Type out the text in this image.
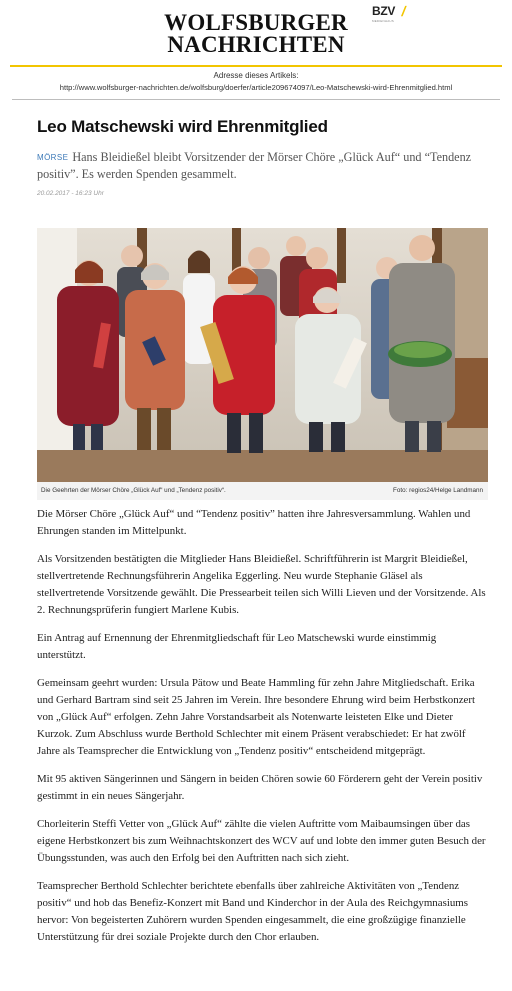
WOLFSBURGER
NACHRICHTEN
BZV /
MEDIENHAUS
Adresse dieses Artikels:
http://www.wolfsburger-nachrichten.de/wolfsburg/doerfer/article209674097/Leo-Matschewski-wird-Ehrenmitglied.html
Leo Matschewski wird Ehrenmitglied
MÖRSE Hans Bleidießel bleibt Vorsitzender der Mörser Chöre „Glück Auf“ und “Tendenz positiv”. Es werden Spenden gesammelt.
20.02.2017 - 16:23 Uhr
Die Geehrten der Mörser Chöre „Glück Auf“ und „Tendenz positiv“.	Foto: regios24/Helge Landmann

Die Mörser Chöre „Glück Auf“ und “Tendenz positiv” hatten ihre Jahresversammlung. Wahlen und Ehrungen standen im Mittelpunkt.

Als Vorsitzenden bestätigten die Mitglieder Hans Bleidießel. Schriftführerin ist Margrit Bleidießel, stellvertretende Rechnungsführerin Angelika Eggerling. Neu wurde Stephanie Gläsel als stellvertretende Vorsitzende gewählt. Die Pressearbeit teilen sich Willi Lieven und der Vorsitzende. Als 2. Rechnungsprüferin fungiert Marlene Kubis.

Ein Antrag auf Ernennung der Ehrenmitgliedschaft für Leo Matschewski wurde einstimmig unterstützt.

Gemeinsam geehrt wurden: Ursula Pätow und Beate Hammling für zehn Jahre Mitgliedschaft. Erika und Gerhard Bartram sind seit 25 Jahren im Verein. Ihre besondere Ehrung wird beim Herbstkonzert von „Glück Auf“ erfolgen. Zehn Jahre Vorstandsarbeit als Notenwarte leisteten Elke und Dieter Kurzok. Zum Abschluss wurde Berthold Schlechter mit einem Präsent verabschiedet: Er hat zwölf Jahre als Teamsprecher die Entwicklung von „Tendenz positiv“ entscheidend mitgeprägt.

Mit 95 aktiven Sängerinnen und Sängern in beiden Chören sowie 60 Förderern geht der Verein positiv gestimmt in ein neues Sängerjahr.

Chorleiterin Steffi Vetter von „Glück Auf“ zählte die vielen Auftritte vom Maibaumsingen über das eigene Herbstkonzert bis zum Weihnachtskonzert des WCV auf und lobte den immer guten Besuch der Übungsstunden, was auch den Erfolg bei den Auftritten nach sich zieht.

Teamsprecher Berthold Schlechter berichtete ebenfalls über zahlreiche Aktivitäten von „Tendenz positiv“ und hob das Benefiz-Konzert mit Band und Kinderchor in der Aula des Reichgymnasiums hervor: Von begeisterten Zuhörern wurden Spenden eingesammelt, die eine großzügige finanzielle Unterstützung für drei soziale Projekte durch den Chor erlauben.
